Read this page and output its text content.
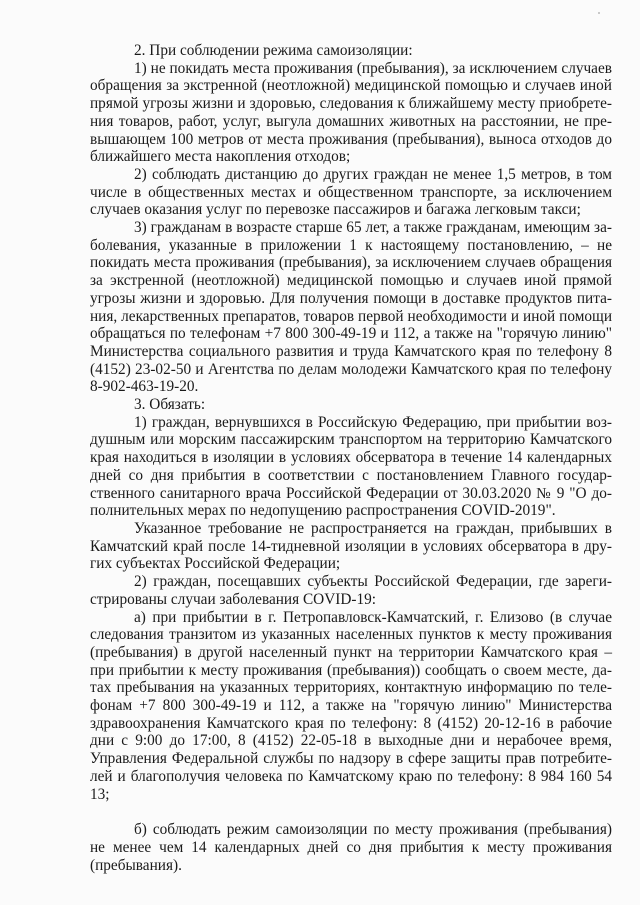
2. При соблюдении режима самоизоляции:

1) не покидать места проживания (пребывания), за исключением случаев обращения за экстренной (неотложной) медицинской помощью и случаев иной прямой угрозы жизни и здоровью, следования к ближайшему месту приобретения товаров, работ, услуг, выгула домашних животных на расстоянии, не превышающем 100 метров от места проживания (пребывания), выноса отходов до ближайшего места накопления отходов;

2) соблюдать дистанцию до других граждан не менее 1,5 метров, в том числе в общественных местах и общественном транспорте, за исключением случаев оказания услуг по перевозке пассажиров и багажа легковым такси;

3) гражданам в возрасте старше 65 лет, а также гражданам, имеющим заболевания, указанные в приложении 1 к настоящему постановлению, – не покидать места проживания (пребывания), за исключением случаев обращения за экстренной (неотложной) медицинской помощью и случаев иной прямой угрозы жизни и здоровью. Для получения помощи в доставке продуктов питания, лекарственных препаратов, товаров первой необходимости и иной помощи обращаться по телефонам +7 800 300-49-19 и 112, а также на "горячую линию" Министерства социального развития и труда Камчатского края по телефону 8 (4152) 23-02-50 и Агентства по делам молодежи Камчатского края по телефону 8-902-463-19-20.

3. Обязать:

1) граждан, вернувшихся в Российскую Федерацию, при прибытии воздушным или морским пассажирским транспортом на территорию Камчатского края находиться в изоляции в условиях обсерватора в течение 14 календарных дней со дня прибытия в соответствии с постановлением Главного государственного санитарного врача Российской Федерации от 30.03.2020 № 9 "О дополнительных мерах по недопущению распространения COVID-2019".

Указанное требование не распространяется на граждан, прибывших в Камчатский край после 14-тидневной изоляции в условиях обсерватора в других субъектах Российской Федерации;

2) граждан, посещавших субъекты Российской Федерации, где зарегистрированы случаи заболевания COVID-19:

а) при прибытии в г. Петропавловск-Камчатский, г. Елизово (в случае следования транзитом из указанных населенных пунктов к месту проживания (пребывания) в другой населенный пункт на территории Камчатского края – при прибытии к месту проживания (пребывания)) сообщать о своем месте, датах пребывания на указанных территориях, контактную информацию по телефонам +7 800 300-49-19 и 112, а также на "горячую линию" Министерства здравоохранения Камчатского края по телефону: 8 (4152) 20-12-16 в рабочие дни с 9:00 до 17:00, 8 (4152) 22-05-18 в выходные дни и нерабочее время, Управления Федеральной службы по надзору в сфере защиты прав потребителей и благополучия человека по Камчатскому краю по телефону: 8 984 160 54 13;

б) соблюдать режим самоизоляции по месту проживания (пребывания) не менее чем 14 календарных дней со дня прибытия к месту проживания (пребывания).
